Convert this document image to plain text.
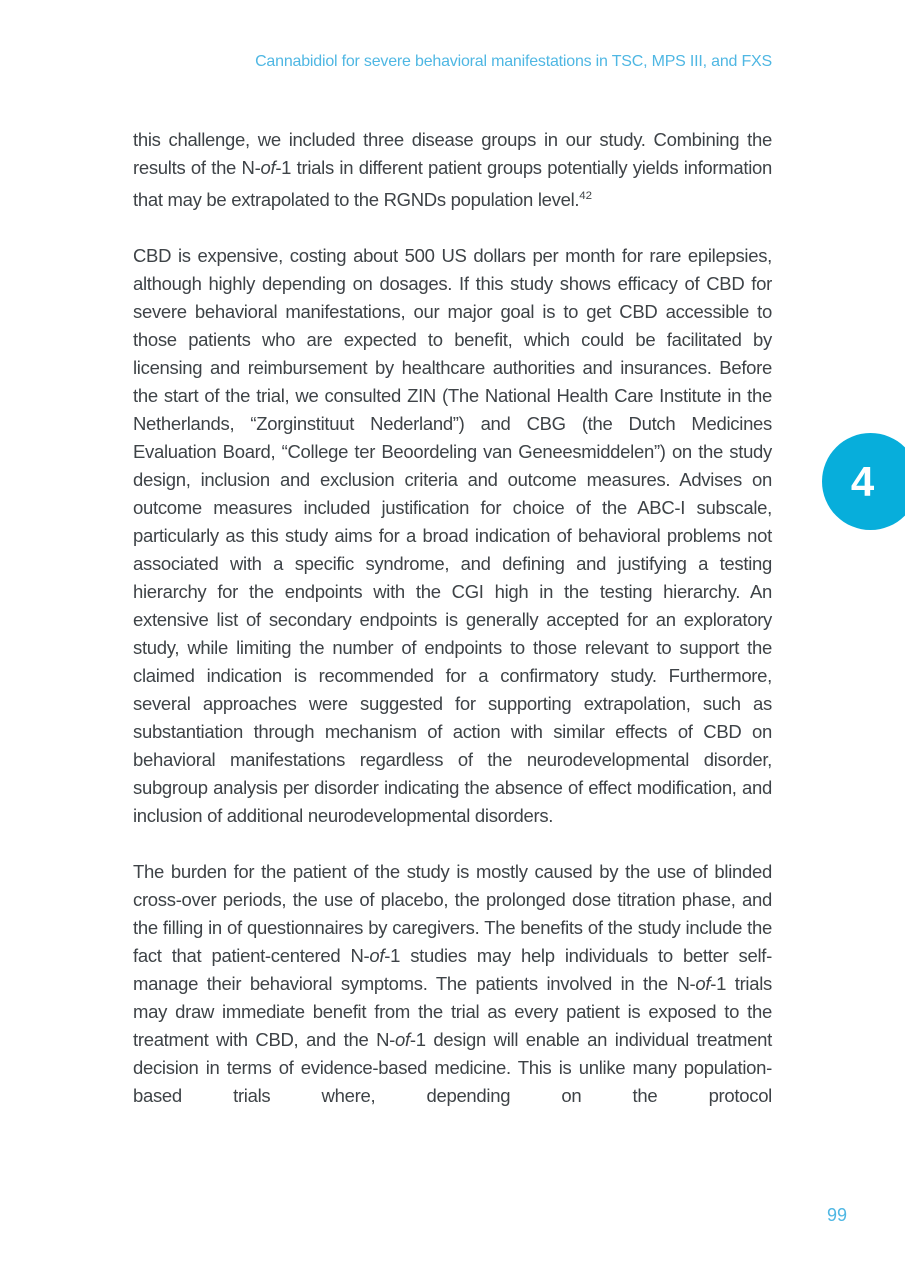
Cannabidiol for severe behavioral manifestations in TSC, MPS III, and FXS

this challenge, we included three disease groups in our study. Combining the results of the N-of-1 trials in different patient groups potentially yields information that may be extrapolated to the RGNDs population level.$^{42}$

CBD is expensive, costing about 500 US dollars per month for rare epilepsies, although highly depending on dosages. If this study shows efficacy of CBD for severe behavioral manifestations, our major goal is to get CBD accessible to those patients who are expected to benefit, which could be facilitated by licensing and reimbursement by healthcare authorities and insurances. Before the start of the trial, we consulted ZIN (The National Health Care Institute in the Netherlands, “Zorginstituut Nederland”) and CBG (the Dutch Medicines Evaluation Board, “College ter Beoordeling van Geneesmiddelen”) on the study design, inclusion and exclusion criteria and outcome measures. Advises on outcome measures included justification for choice of the ABC-I subscale, particularly as this study aims for a broad indication of behavioral problems not associated with a specific syndrome, and defining and justifying a testing hierarchy for the endpoints with the CGI high in the testing hierarchy. An extensive list of secondary endpoints is generally accepted for an exploratory study, while limiting the number of endpoints to those relevant to support the claimed indication is recommended for a confirmatory study. Furthermore, several approaches were suggested for supporting extrapolation, such as substantiation through mechanism of action with similar effects of CBD on behavioral manifestations regardless of the neurodevelopmental disorder, subgroup analysis per disorder indicating the absence of effect modification, and inclusion of additional neurodevelopmental disorders.

The burden for the patient of the study is mostly caused by the use of blinded cross-over periods, the use of placebo, the prolonged dose titration phase, and the filling in of questionnaires by caregivers. The benefits of the study include the fact that patient-centered N-of-1 studies may help individuals to better self-manage their behavioral symptoms. The patients involved in the N-of-1 trials may draw immediate benefit from the trial as every patient is exposed to the treatment with CBD, and the N-of-1 design will enable an individual treatment decision in terms of evidence-based medicine. This is unlike many population-based trials where, depending on the protocol

4
99
